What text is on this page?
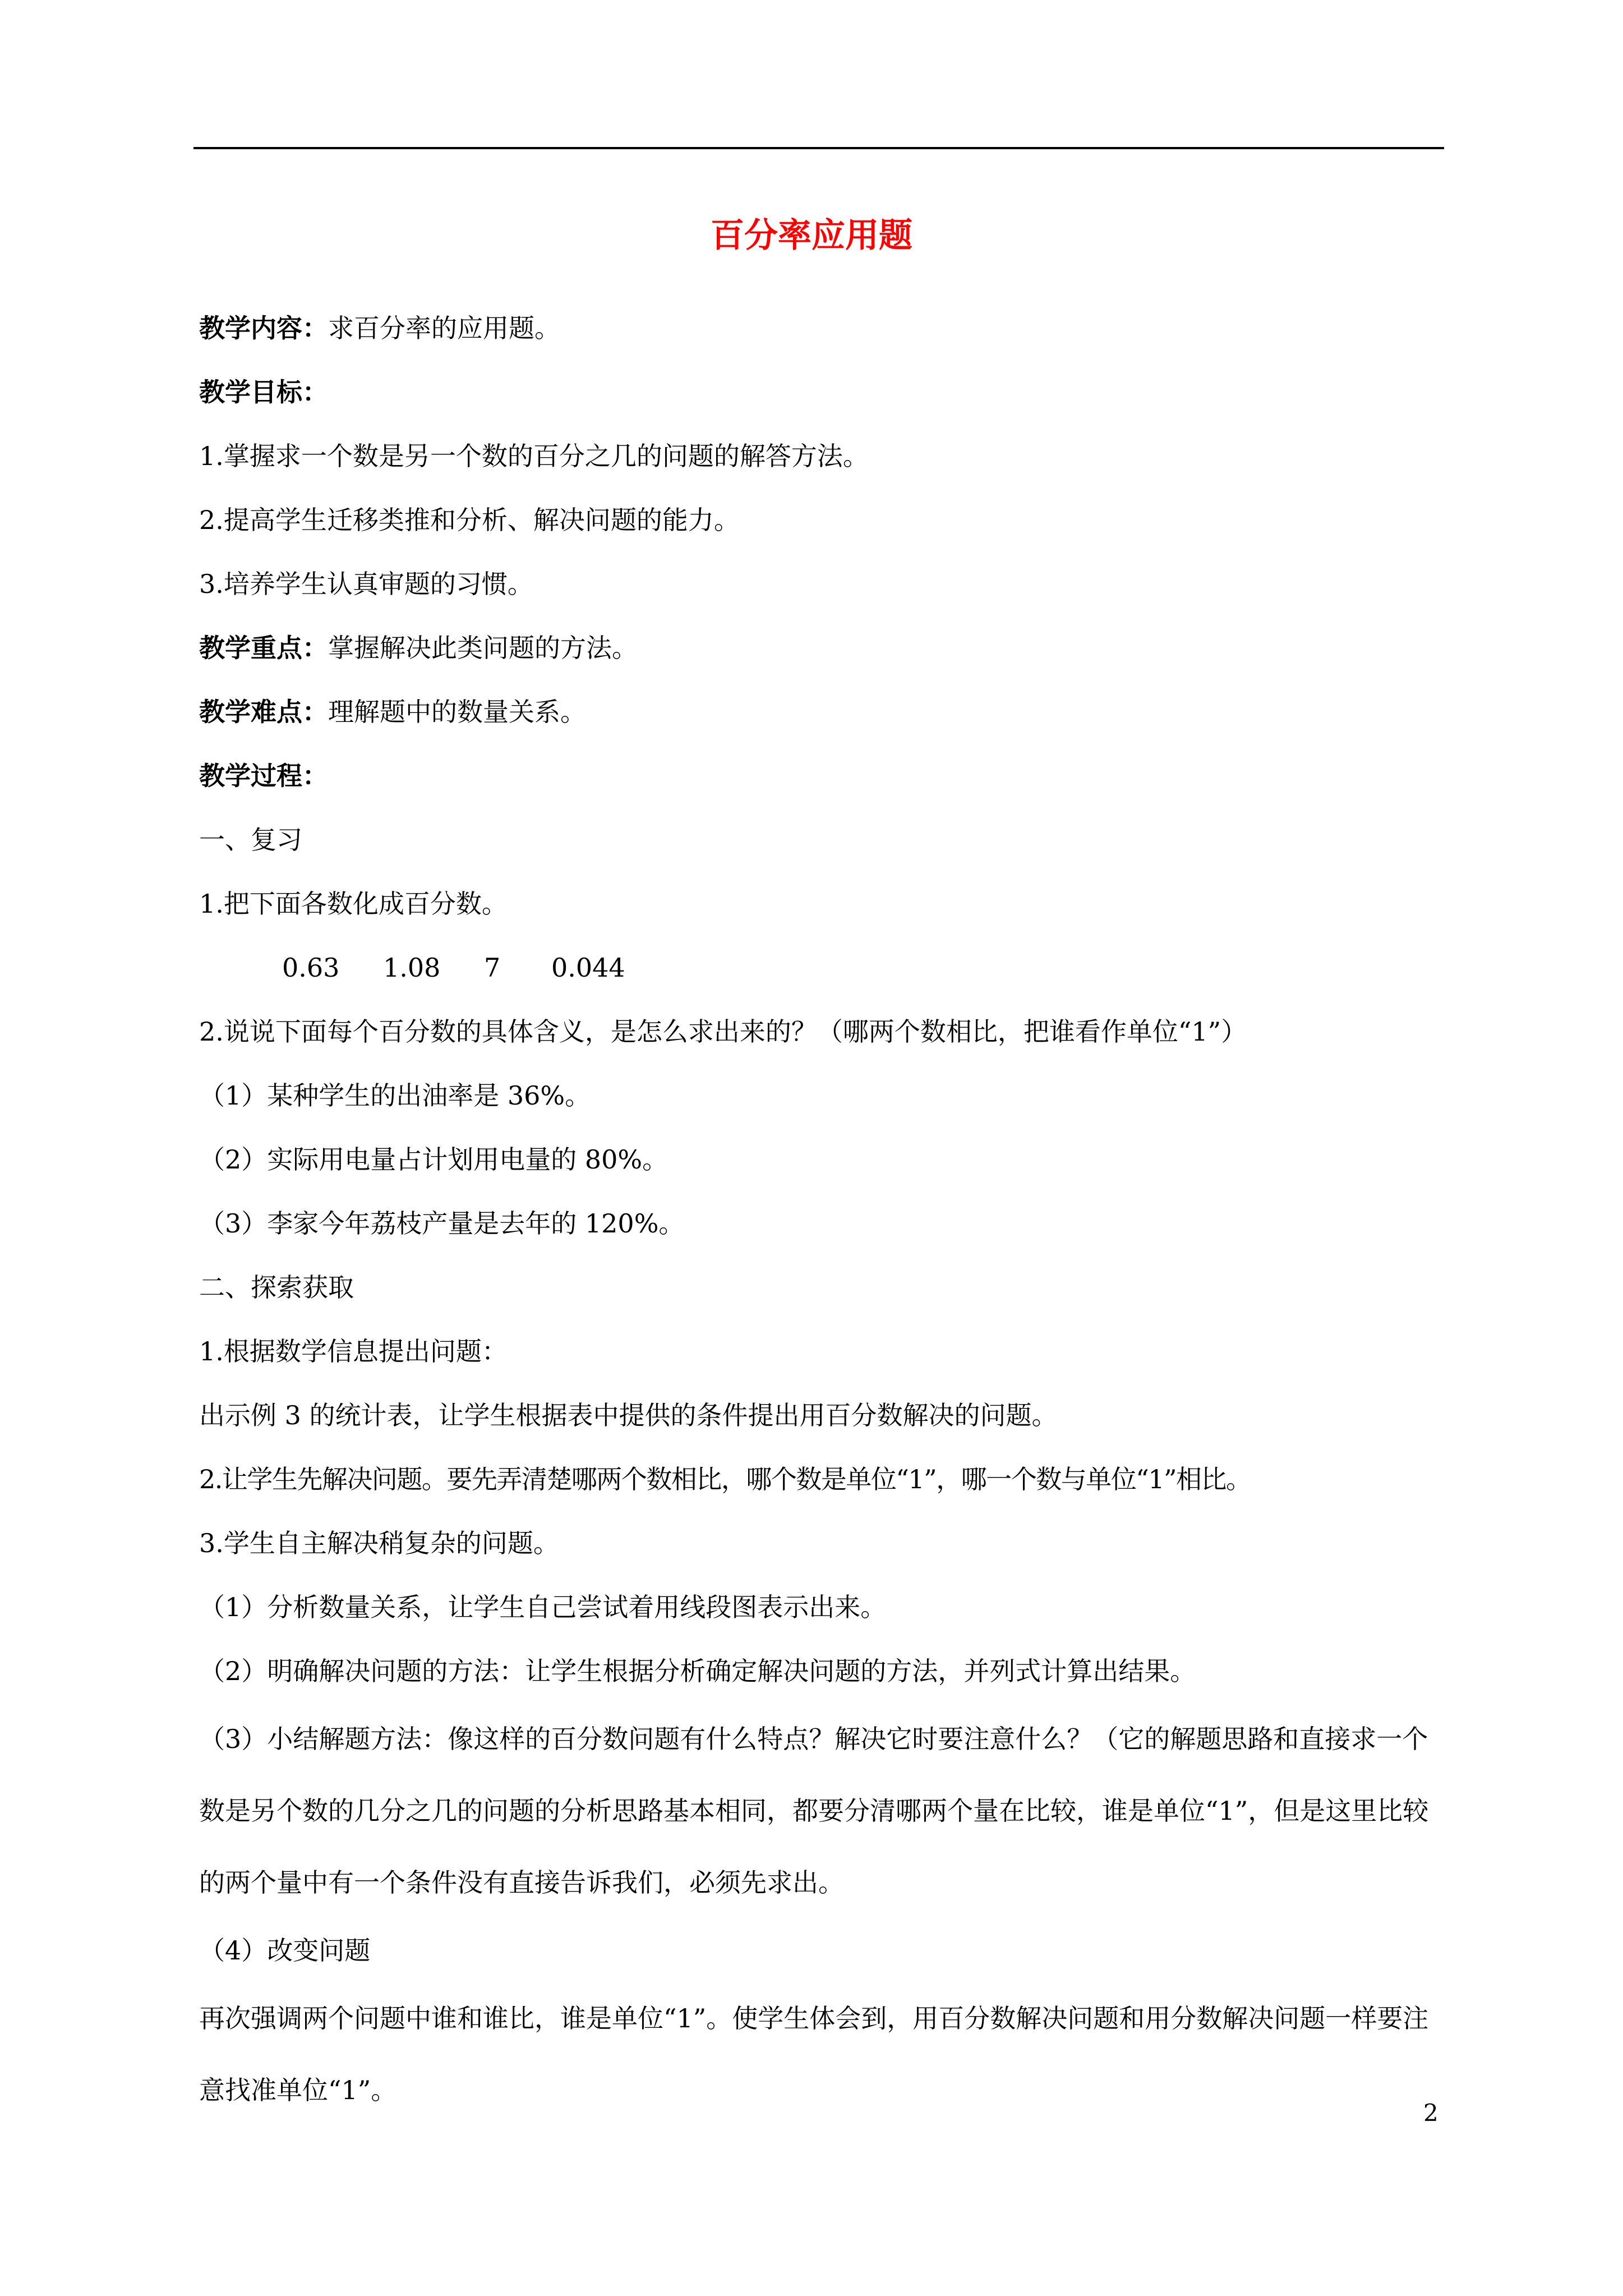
百分率应用题
教学内容：求百分率的应用题。
教学目标：
1.掌握求一个数是另一个数的百分之几的问题的解答方法。
2.提高学生迁移类推和分析、解决问题的能力。
3.培养学生认真审题的习惯。
教学重点：掌握解决此类问题的方法。
教学难点：理解题中的数量关系。
教学过程：
一、复习
1.把下面各数化成百分数。
0.63 1.08 7 0.044
2.说说下面每个百分数的具体含义，是怎么求出来的？（哪两个数相比，把谁看作单位“1”）
（1）某种学生的出油率是 36%。
（2）实际用电量占计划用电量的 80%。
（3）李家今年荔枝产量是去年的 120%。
二、探索获取
1.根据数学信息提出问题：
出示例 3 的统计表，让学生根据表中提供的条件提出用百分数解决的问题。
2.让学生先解决问题。要先弄清楚哪两个数相比，哪个数是单位“1”，哪一个数与单位“1”相比。
3.学生自主解决稍复杂的问题。
（1）分析数量关系，让学生自己尝试着用线段图表示出来。
（2）明确解决问题的方法：让学生根据分析确定解决问题的方法，并列式计算出结果。
（3）小结解题方法：像这样的百分数问题有什么特点？解决它时要注意什么？（它的解题思路和直接求一个数是另个数的几分之几的问题的分析思路基本相同，都要分清哪两个量在比较，谁是单位“1”，但是这里比较的两个量中有一个条件没有直接告诉我们，必须先求出。
（4）改变问题
再次强调两个问题中谁和谁比，谁是单位“1”。使学生体会到，用百分数解决问题和用分数解决问题一样要注意找准单位“1”。
2
